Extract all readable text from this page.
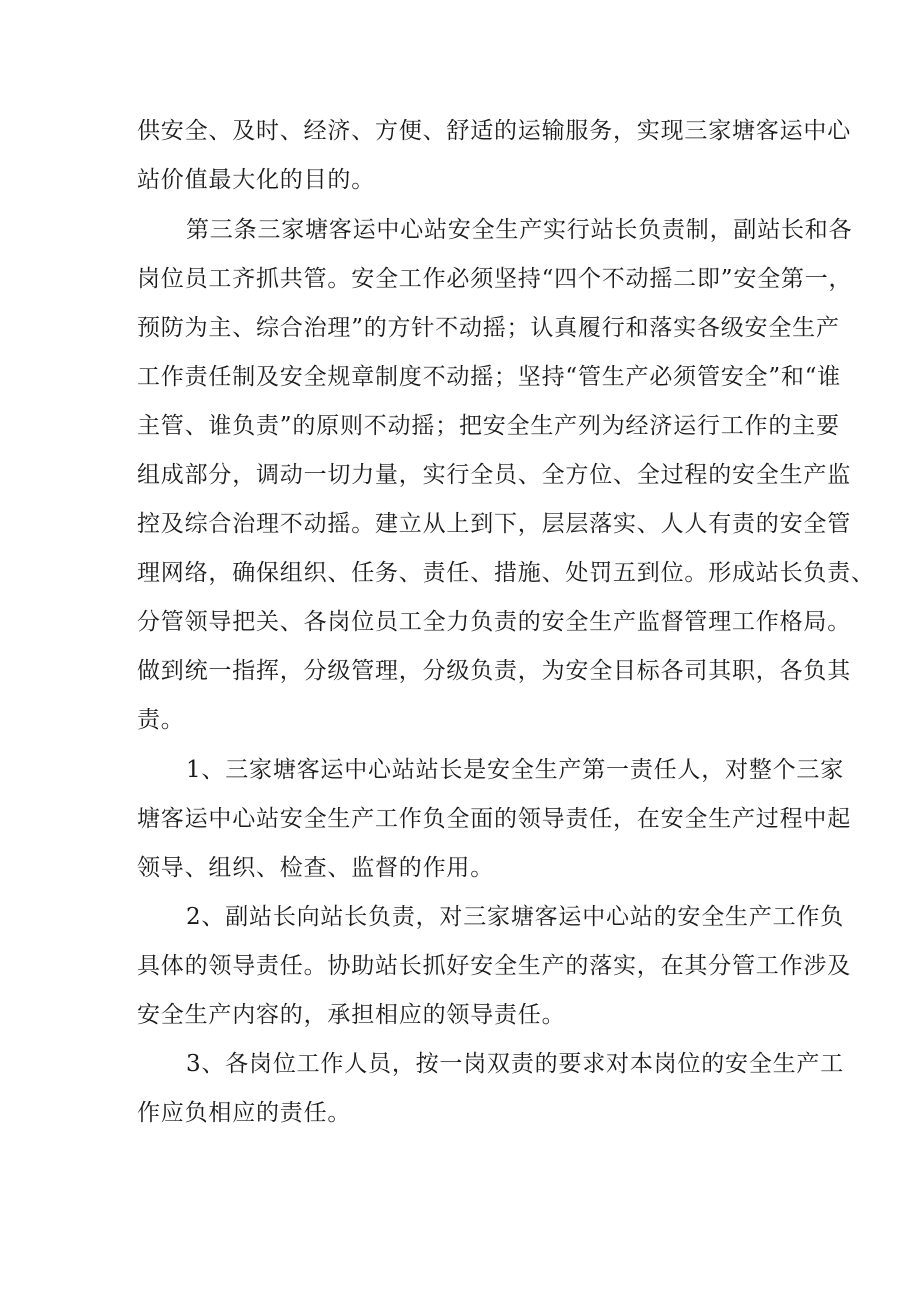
供安全、及时、经济、方便、舒适的运输服务，实现三家塘客运中心
站价值最大化的目的。
第三条三家塘客运中心站安全生产实行站长负责制，副站长和各
岗位员工齐抓共管。安全工作必须坚持“四个不动摇二即”安全第一，
预防为主、综合治理”的方针不动摇；认真履行和落实各级安全生产
工作责任制及安全规章制度不动摇；坚持“管生产必须管安全”和“谁
主管、谁负责”的原则不动摇；把安全生产列为经济运行工作的主要
组成部分，调动一切力量，实行全员、全方位、全过程的安全生产监
控及综合治理不动摇。建立从上到下，层层落实、人人有责的安全管
理网络，确保组织、任务、责任、措施、处罚五到位。形成站长负责、
分管领导把关、各岗位员工全力负责的安全生产监督管理工作格局。
做到统一指挥，分级管理，分级负责，为安全目标各司其职，各负其
责。
1、三家塘客运中心站站长是安全生产第一责任人，对整个三家
塘客运中心站安全生产工作负全面的领导责任，在安全生产过程中起
领导、组织、检查、监督的作用。
2、副站长向站长负责，对三家塘客运中心站的安全生产工作负
具体的领导责任。协助站长抓好安全生产的落实，在其分管工作涉及
安全生产内容的，承担相应的领导责任。
3、各岗位工作人员，按一岗双责的要求对本岗位的安全生产工
作应负相应的责任。
